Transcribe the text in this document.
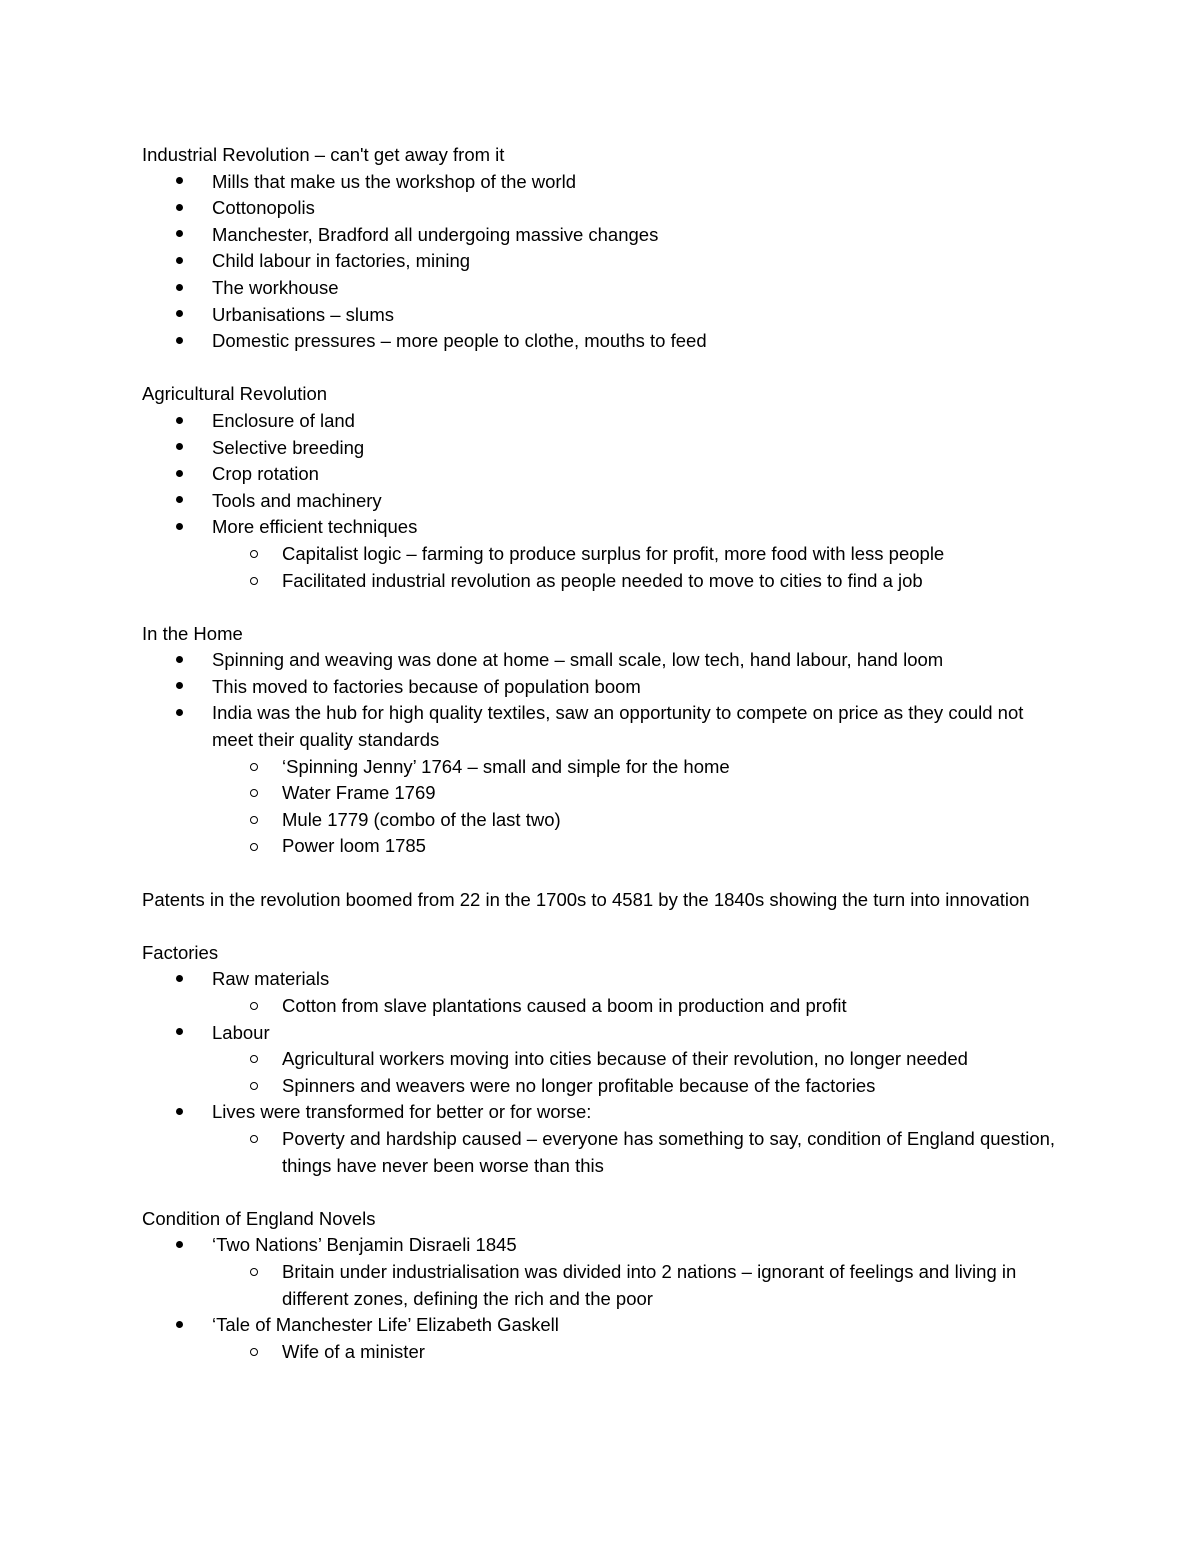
Industrial Revolution – can't get away from it

Mills that make us the workshop of the world
Cottonopolis
Manchester, Bradford all undergoing massive changes
Child labour in factories, mining
The workhouse
Urbanisations – slums
Domestic pressures – more people to clothe, mouths to feed

Agricultural Revolution

Enclosure of land
Selective breeding
Crop rotation
Tools and machinery
More efficient techniques
Capitalist logic – farming to produce surplus for profit, more food with less people
Facilitated industrial revolution as people needed to move to cities to find a job

In the Home

Spinning and weaving was done at home – small scale, low tech, hand labour, hand loom
This moved to factories because of population boom
India was the hub for high quality textiles, saw an opportunity to compete on price as they could not meet their quality standards
‘Spinning Jenny’ 1764 – small and simple for the home
Water Frame 1769
Mule 1779 (combo of the last two)
Power loom 1785

Patents in the revolution boomed from 22 in the 1700s to 4581 by the 1840s showing the turn into innovation

Factories

Raw materials
Cotton from slave plantations caused a boom in production and profit
Labour
Agricultural workers moving into cities because of their revolution, no longer needed
Spinners and weavers were no longer profitable because of the factories
Lives were transformed for better or for worse:
Poverty and hardship caused – everyone has something to say, condition of England question, things have never been worse than this

Condition of England Novels

‘Two Nations’ Benjamin Disraeli 1845
Britain under industrialisation was divided into 2 nations – ignorant of feelings and living in different zones, defining the rich and the poor
‘Tale of Manchester Life’ Elizabeth Gaskell
Wife of a minister
